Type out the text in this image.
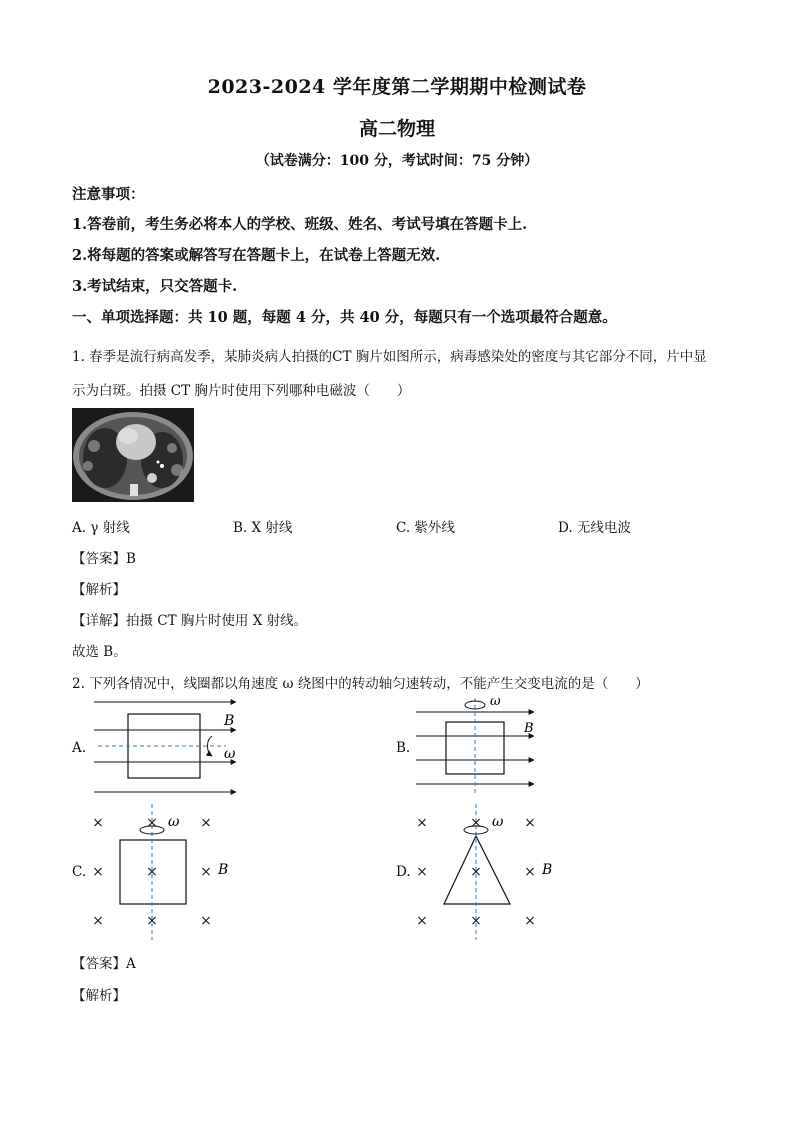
2023-2024 学年度第二学期期中检测试卷
高二物理
（试卷满分：100 分，考试时间：75 分钟）
注意事项：
1.答卷前，考生务必将本人的学校、班级、姓名、考试号填在答题卡上.
2.将每题的答案或解答写在答题卡上，在试卷上答题无效.
3.考试结束，只交答题卡.
一、单项选择题：共 10 题，每题 4 分，共 40 分，每题只有一个选项最符合题意。
1. 春季是流行病高发季，某肺炎病人拍摄的CT 胸片如图所示，病毒感染处的密度与其它部分不同，片中显
示为白斑。拍摄 CT 胸片时使用下列哪种电磁波（　　）
A. γ 射线	B. X 射线	C. 紫外线	D. 无线电波
【答案】B
【解析】
【详解】拍摄 CT 胸片时使用 X 射线。
故选 B。
2. 下列各情况中，线圈都以角速度 ω 绕图中的转动轴匀速转动，不能产生交变电流的是（　　）
A.
B
ω	B.
ω
B
C.
×	×	×
×	×	×
×	×	×
ω
B	D.
×	×	×
×	×	×
×	×	×
ω
B
【答案】A
【解析】
